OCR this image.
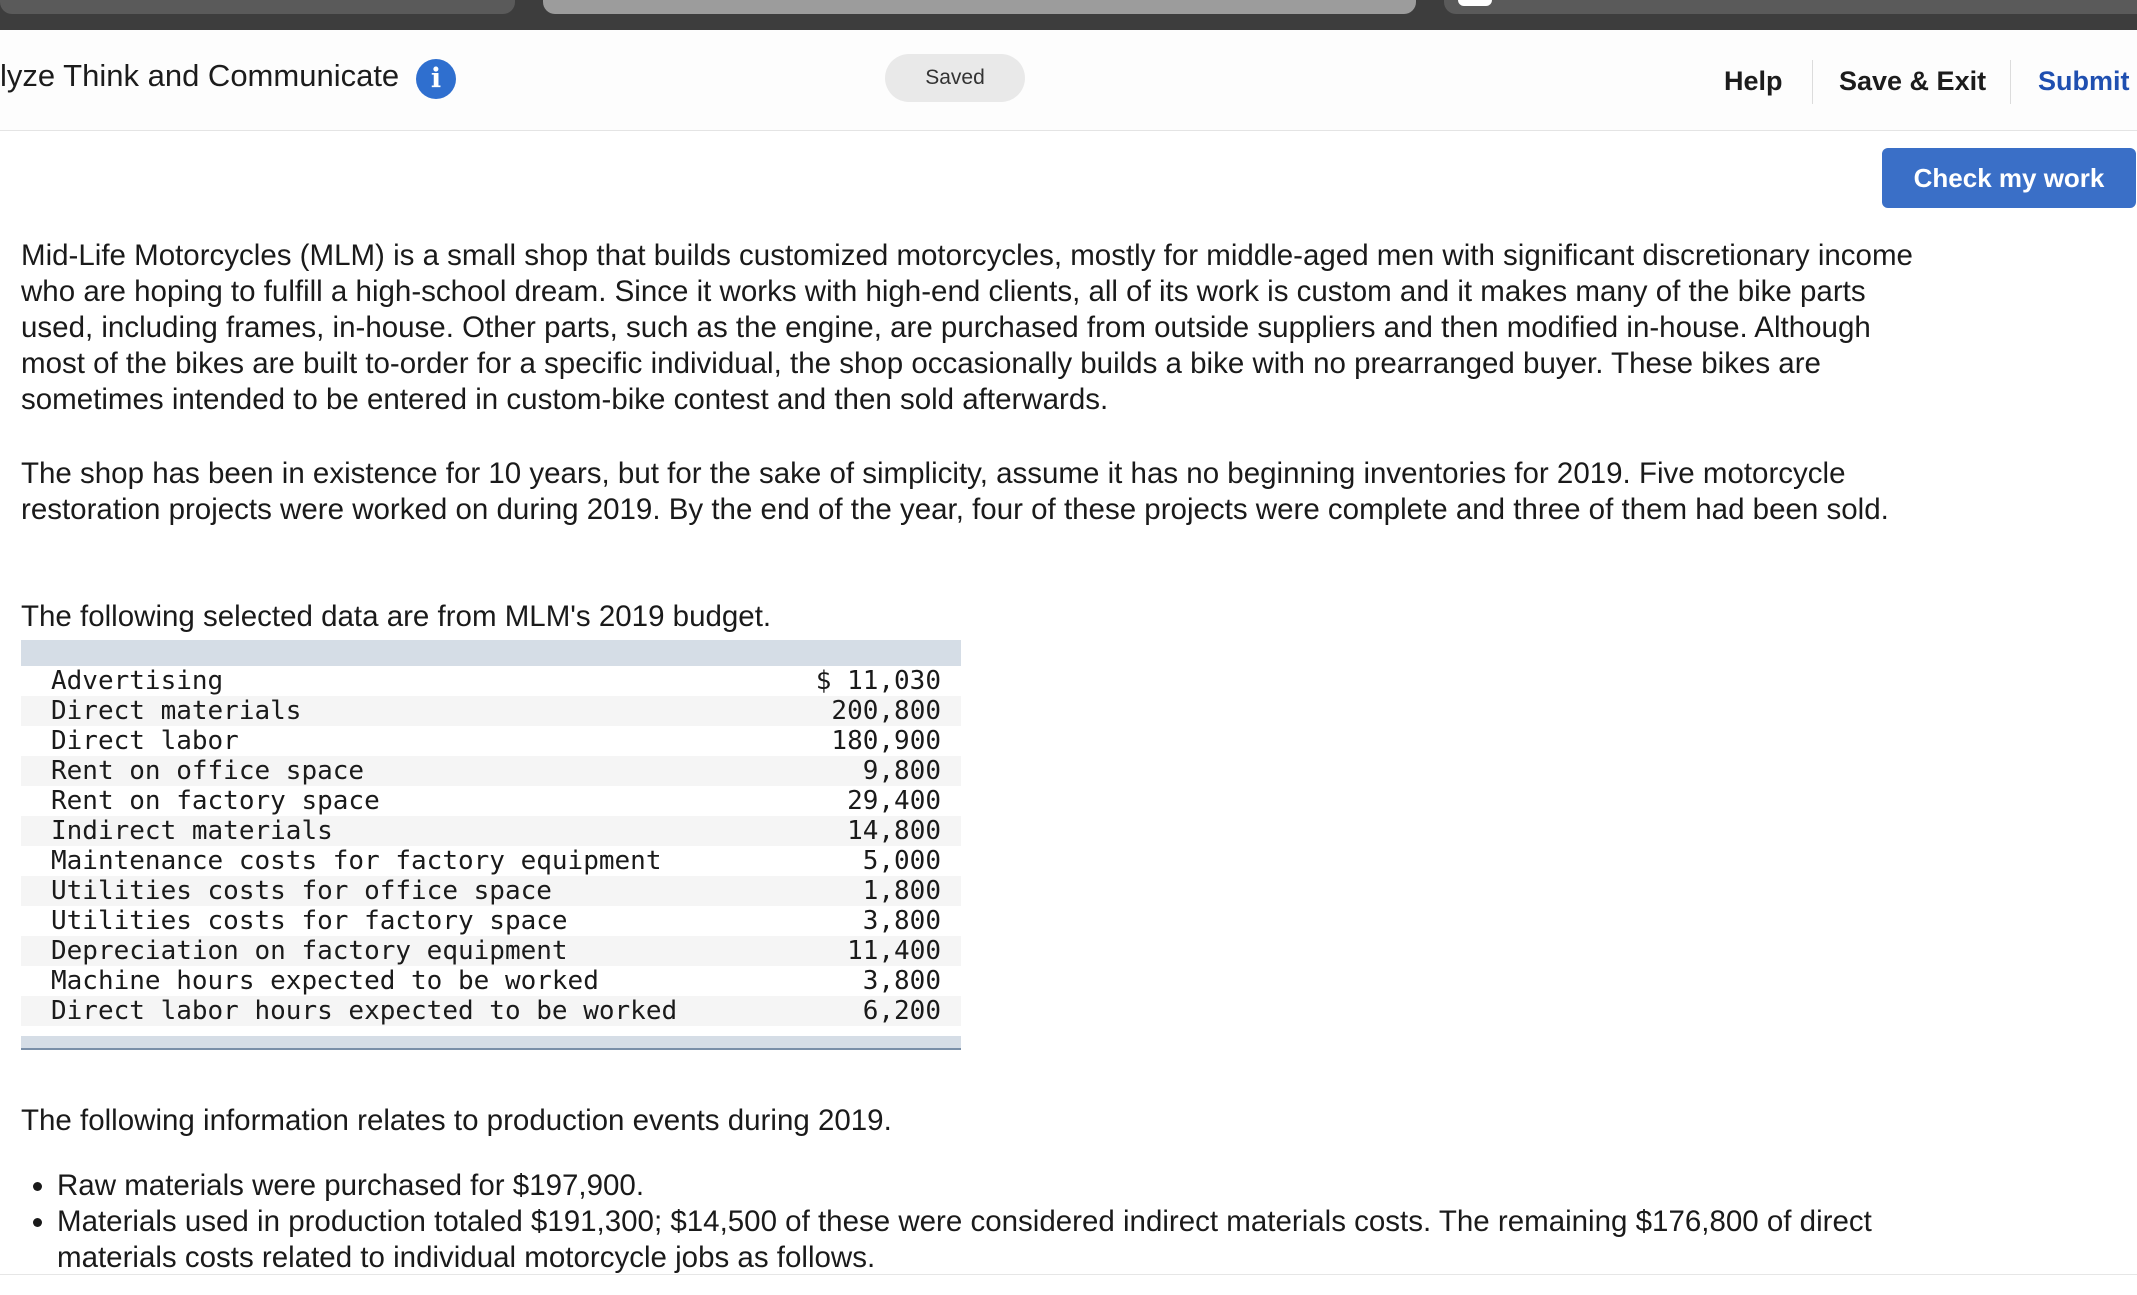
lyze Think and Communicate	i	Saved	Help Save & Exit Submit
Check my work

Mid-Life Motorcycles (MLM) is a small shop that builds customized motorcycles, mostly for middle-aged men with significant discretionary income who are hoping to fulfill a high-school dream. Since it works with high-end clients, all of its work is custom and it makes many of the bike parts used, including frames, in-house. Other parts, such as the engine, are purchased from outside suppliers and then modified in-house. Although most of the bikes are built to-order for a specific individual, the shop occasionally builds a bike with no prearranged buyer. These bikes are sometimes intended to be entered in custom-bike contest and then sold afterwards.

The shop has been in existence for 10 years, but for the sake of simplicity, assume it has no beginning inventories for 2019. Five motorcycle restoration projects were worked on during 2019. By the end of the year, four of these projects were complete and three of them had been sold.

The following selected data are from MLM's 2019 budget.

Advertising	$ 11,030
Direct materials	200,800
Direct labor	180,900
Rent on office space	9,800
Rent on factory space	29,400
Indirect materials	14,800
Maintenance costs for factory equipment	5,000
Utilities costs for office space	1,800
Utilities costs for factory space	3,800
Depreciation on factory equipment	11,400
Machine hours expected to be worked	3,800
Direct labor hours expected to be worked	6,200

The following information relates to production events during 2019.

• Raw materials were purchased for $197,900.
• Materials used in production totaled $191,300; $14,500 of these were considered indirect materials costs. The remaining $176,800 of direct materials costs related to individual motorcycle jobs as follows.
